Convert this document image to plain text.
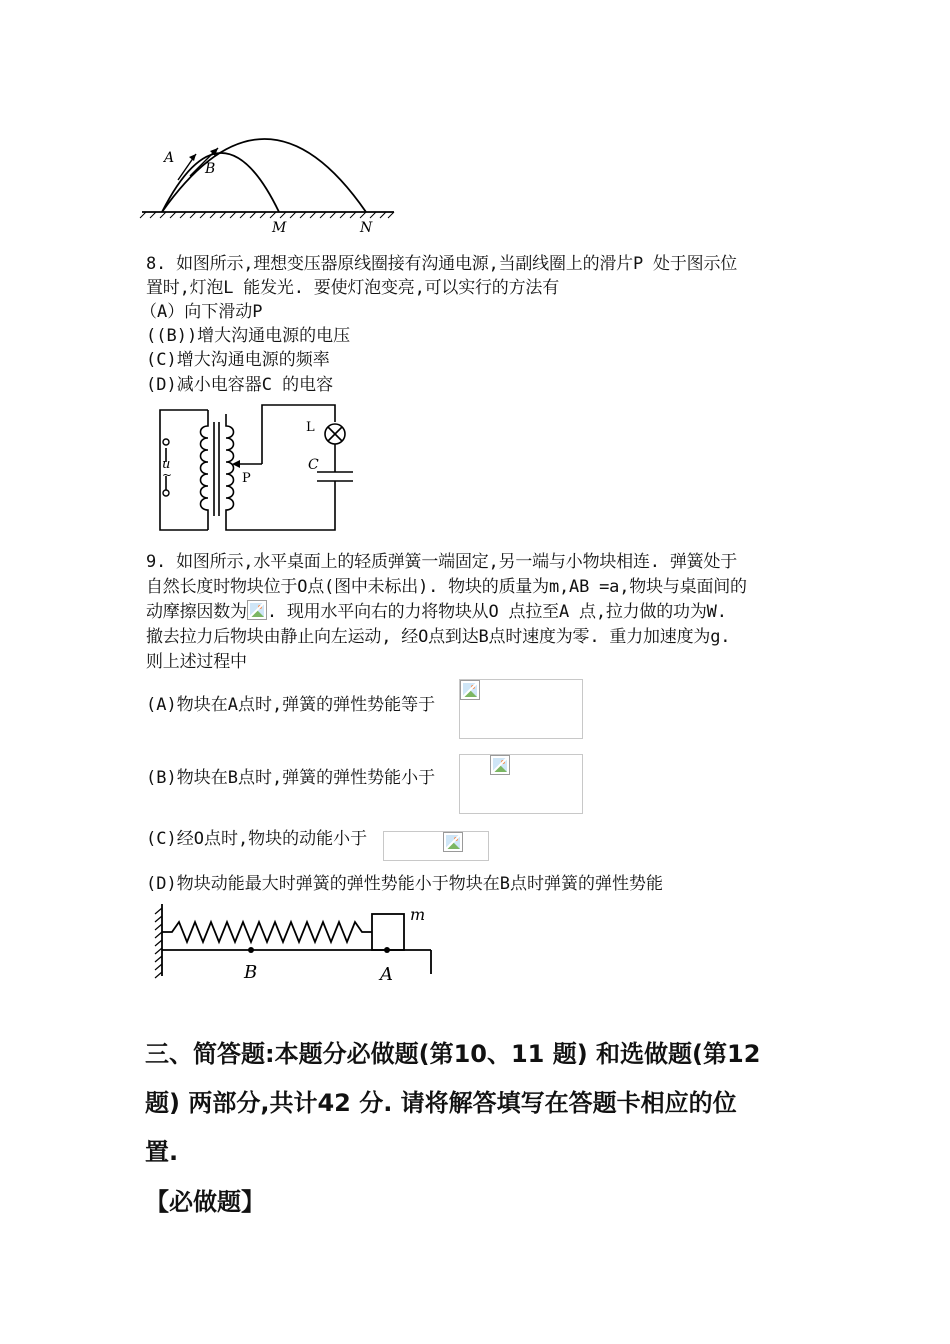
A
B
M	N
8. 如图所示,理想变压器原线圈接有沟通电源,当副线圈上的滑片P 处于图示位
置时,灯泡L 能发光. 要使灯泡变亮,可以实行的方法有
（A）向下滑动P
((B))增大沟通电源的电压
(C)增大沟通电源的频率
(D)减小电容器C 的电容
u
~	P
L
C
9. 如图所示,水平桌面上的轻质弹簧一端固定,另一端与小物块相连. 弹簧处于
自然长度时物块位于O点(图中未标出). 物块的质量为m,AB =a,物块与桌面间的
动摩擦因数为 . 现用水平向右的力将物块从O 点拉至A 点,拉力做的功为W.
撤去拉力后物块由静止向左运动, 经O点到达B点时速度为零. 重力加速度为g.
则上述过程中
(A)物块在A点时,弹簧的弹性势能等于

(B)物块在B点时,弹簧的弹性势能小于

(C)经O点时,物块的动能小于
(D)物块动能最大时弹簧的弹性势能小于物块在B点时弹簧的弹性势能
m
B	A
三、简答题:本题分必做题(第10、11 题) 和选做题(第12
题) 两部分,共计42 分. 请将解答填写在答题卡相应的位
置.
【必做题】
